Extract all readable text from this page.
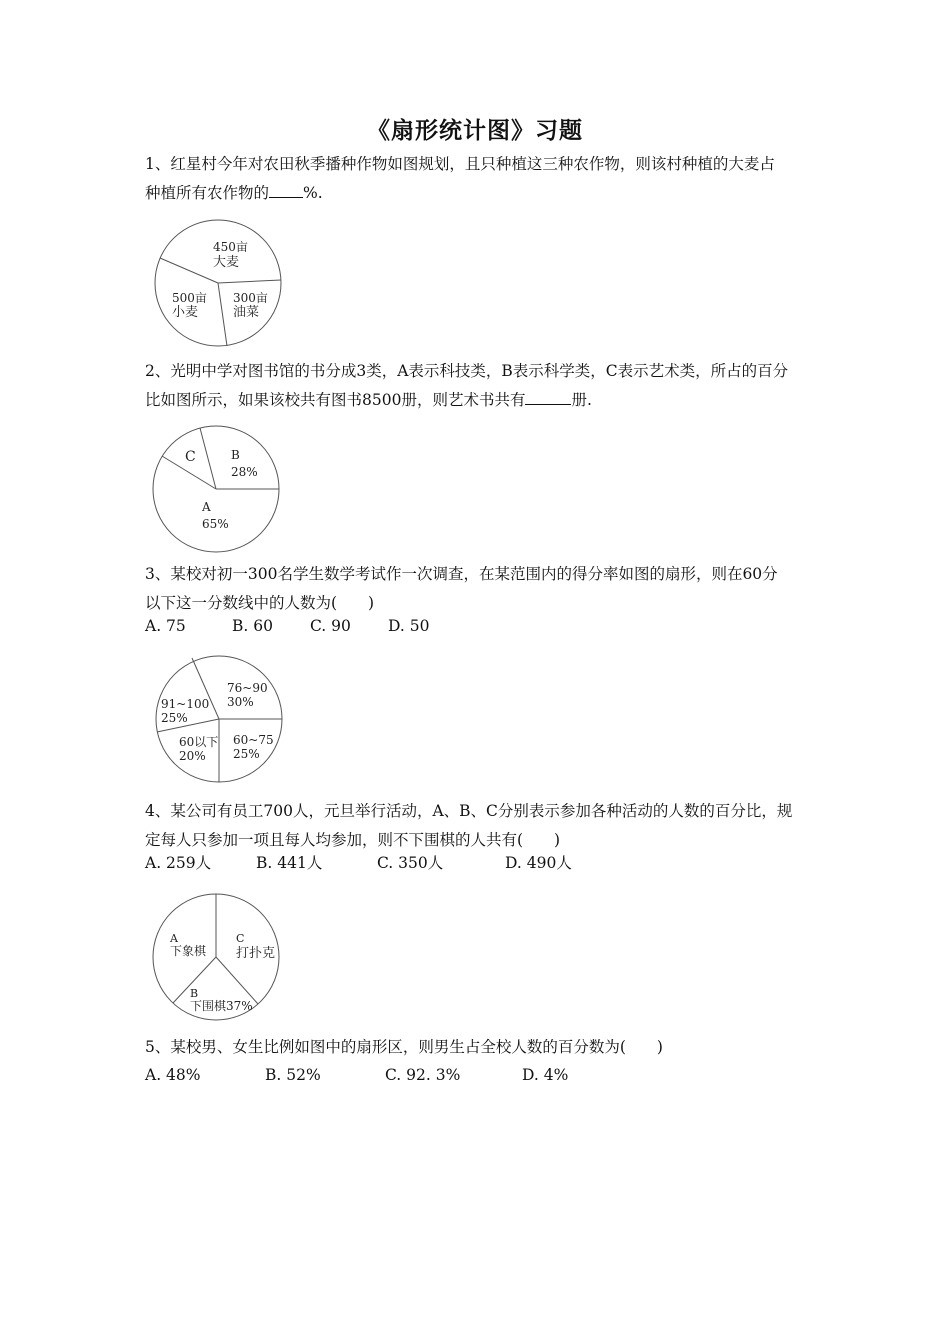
《扇形统计图》习题
1、红星村今年对农田秋季播种作物如图规划，且只种植这三种农作物，则该村种植的大麦占
种植所有农作物的 %.
450亩
大麦
300亩
油菜
500亩
小麦
2、光明中学对图书馆的书分成3类，A表示科技类，B表示科学类，C表示艺术类，所占的百分
比如图所示，如果该校共有图书8500册，则艺术书共有	册.
C	B
28%
A
65%
3、某校对初一300名学生数学考试作一次调查，在某范围内的得分率如图的扇形，则在60分
以下这一分数线中的人数为(　　)
A. 75	B. 60 C. 90 D. 50
76~90
30%
91~100
25%
60以下
20%
60~75
25%
4、某公司有员工700人，元旦举行活动，A、B、C分别表示参加各种活动的人数的百分比，规
定每人只参加一项且每人均参加，则不下围棋的人共有(　　)
A. 259人	B. 441人	C. 350人	D. 490人
A
下象棋
C
打扑克
B
下围棋37%
5、某校男、女生比例如图中的扇形区，则男生占全校人数的百分数为(　　)
A. 48%	B. 52%	C. 92. 3%	D. 4%
